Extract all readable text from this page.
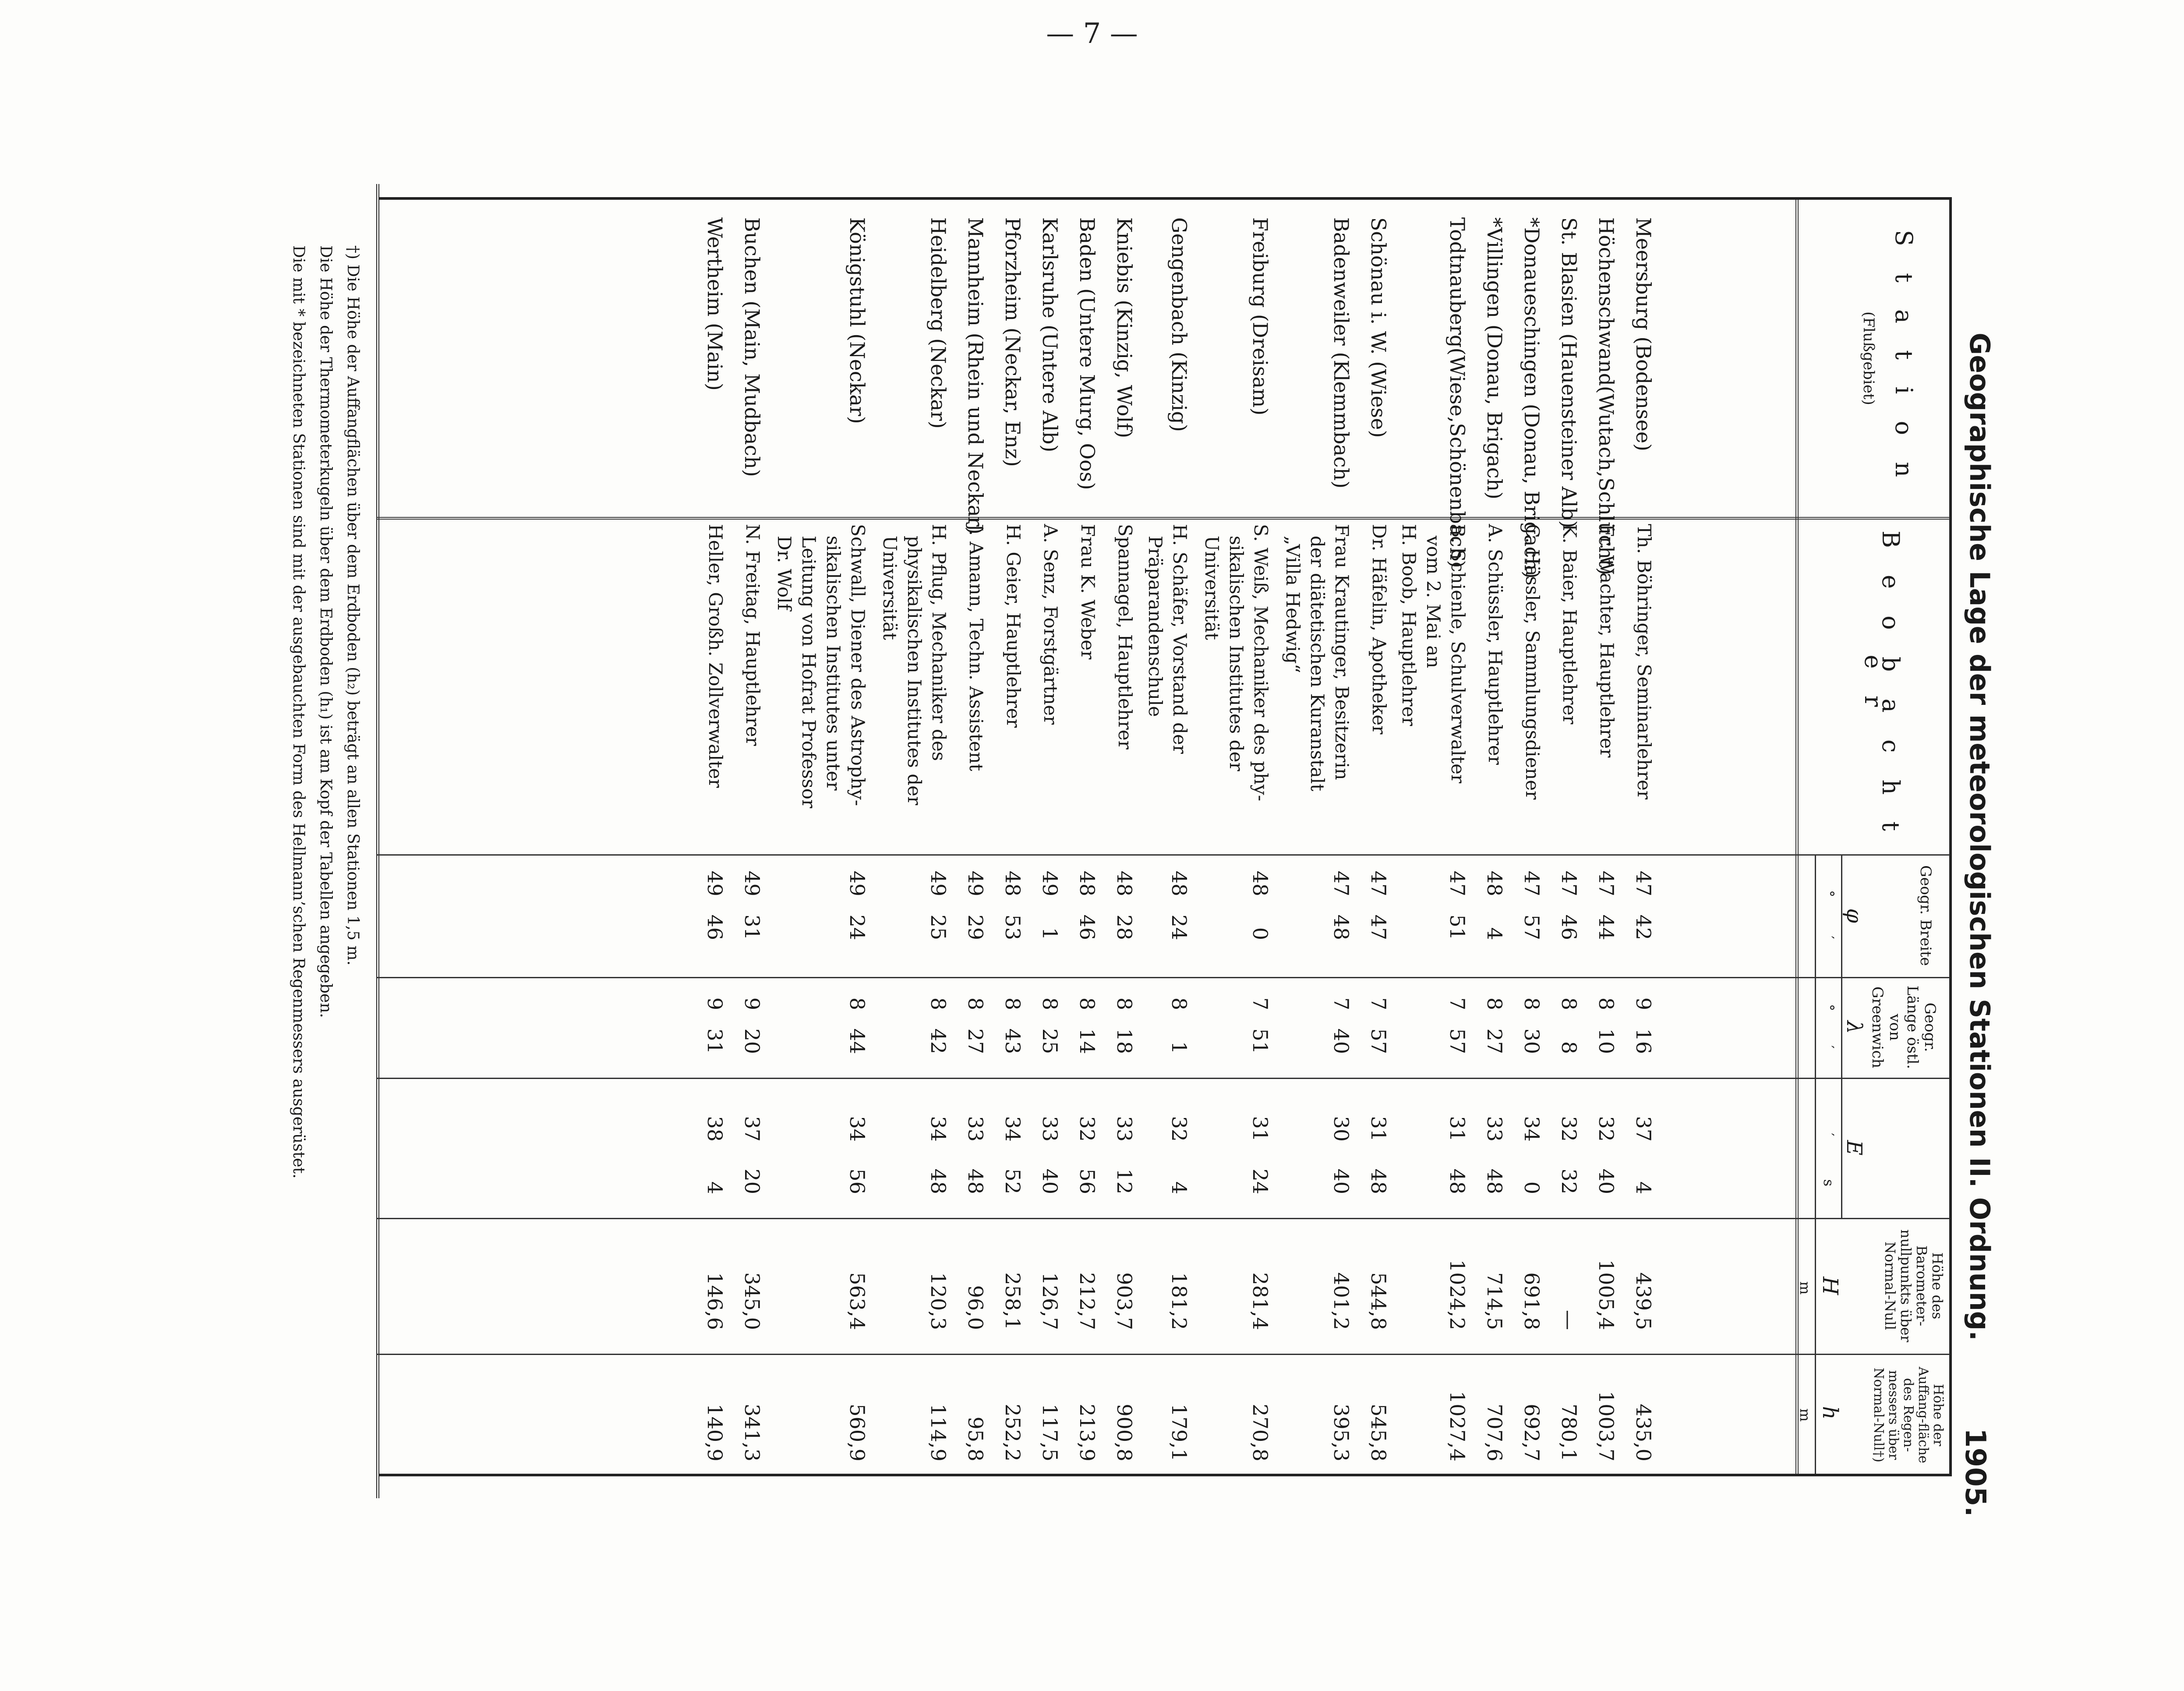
— 7 —
Geographische Lage der meteorologischen Stationen II. Ordnung.
1905.
S t a t i o n
(Flußgebiet)
B e o b a c h t e r
Geogr. Breite
Geogr. Länge östl. von Greenwich
Höhe des Barometer-nullpunkts über Normal-Null
φ
λ
E
H
°
′
°
′
′
s
m
Meersburg (Bodensee)
Th. Böhringer, Seminarlehrer
47
42
9
16
37
4
439,5
435,0
Höchenschwand(Wutach,Schlücht)
Fr. Wachter, Hauptlehrer
47
44
8
10
32
40
1005,4
1003,7
St. Blasien (Hauensteiner Alb)
K. Baier, Hauptlehrer
47
46
8
8
32
32
—
780,1
*Donaueschingen (Donau, Brigach)
C. Hässler, Sammlungsdiener
47
57
8
30
34
0
691,8
692,7
*Villingen (Donau, Brigach)
A. Schüssler, Hauptlehrer
48
4
8
27
33
48
714,5
707,6
Todtnauberg(Wiese,Schönenbach)
B. Schienle, Schulverwalter
vom 2. Mai an
H. Boob, Hauptlehrer
47
51
7
57
31
48
1024,2
1027,4
Schönau i. W. (Wiese)
Dr. Häfelin, Apotheker
47
47
7
57
31
48
544,8
545,8
Badenweiler (Klemmbach)
Frau Krautinger, Besitzerin
der diätetischen Kuranstalt
„Villa Hedwig“
47
48
7
40
30
40
401,2
395,3
Freiburg (Dreisam)
S. Weiß, Mechaniker des phy-
sikalischen Institutes der
Universität
48
0
7
51
31
24
281,4
270,8
Gengenbach (Kinzig)
H. Schäfer, Vorstand der
Präparandenschule
48
24
8
1
32
4
181,2
179,1
Kniebis (Kinzig, Wolf)
Spannagel, Hauptlehrer
48
28
8
18
33
12
903,7
900,8
Baden (Untere Murg, Oos)
Frau K. Weber
48
46
8
14
32
56
212,7
213,9
Karlsruhe (Untere Alb)
A. Senz, Forstgärtner
49
1
8
25
33
40
126,7
117,5
Pforzheim (Neckar, Enz)
H. Geier, Hauptlehrer
48
53
8
43
34
52
258,1
252,2
Mannheim (Rhein und Neckar)
J. Amann, Techn. Assistent
49
29
8
27
33
48
96,0
95,8
Heidelberg (Neckar)
H. Pflug, Mechaniker des
physikalischen Institutes der
Universität
49
25
8
42
34
48
120,3
114,9
Königstuhl (Neckar)
Schwall, Diener des Astrophy-
sikalischen Institutes unter
Leitung von Hofrat Professor
Dr. Wolf
49
24
8
44
34
56
563,4
560,9
Buchen (Main, Mudbach)
N. Freitag, Hauptlehrer
49
31
9
20
37
20
345,0
341,3
Wertheim (Main)
Heller, Großh. Zollverwalter
49
46
9
31
38
4
146,6
140,9
†) Die Höhe der Auffangflächen über dem Erdboden (h₂) beträgt an allen Stationen 1,5 m.
Die Höhe der Thermometerkugeln über dem Erdboden (h₁) ist am Kopf der Tabellen angegeben.
Die mit * bezeichneten Stationen sind mit der ausgebauchten Form des Hellmann’schen Regenmessers ausgerüstet.
Höhe der Auffang-fläche des Regen-messers über Normal-Null†)
h
m
